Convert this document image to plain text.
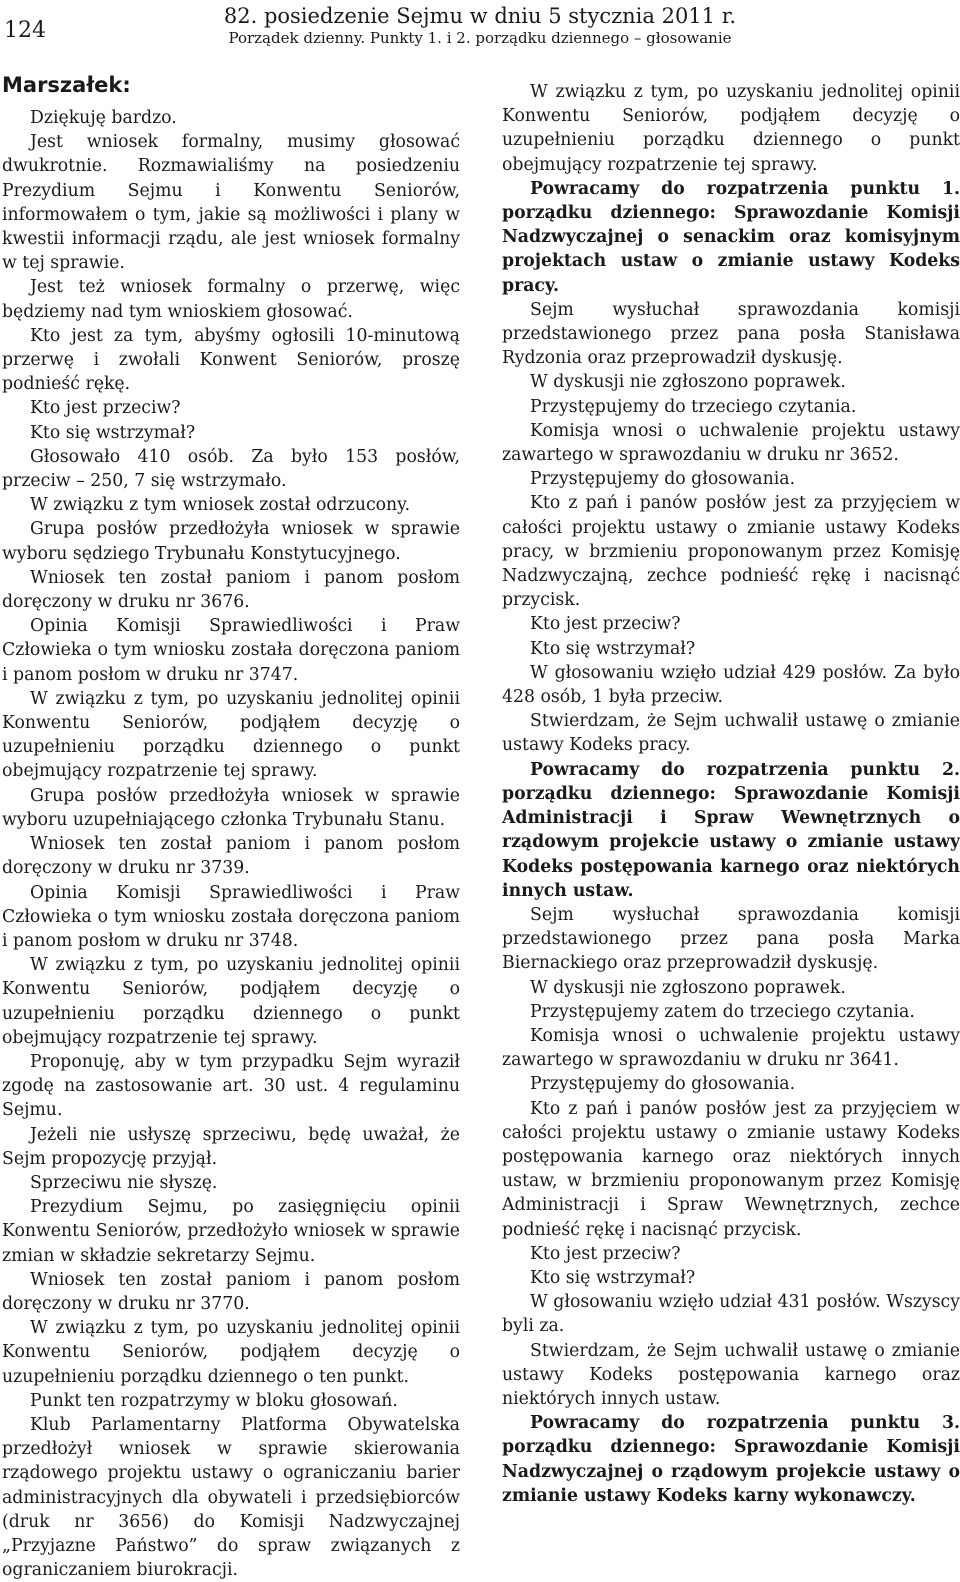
124
82. posiedzenie Sejmu w dniu 5 stycznia 2011 r.
Porządek dzienny. Punkty 1. i 2. porządku dziennego – głosowanie
Marszałek:

Dziękuję bardzo.

Jest wniosek formalny, musimy głosować dwukrotnie. Rozmawialiśmy na posiedzeniu Prezydium Sejmu i Konwentu Seniorów, informowałem o tym, jakie są możliwości i plany w kwestii informacji rządu, ale jest wniosek formalny w tej sprawie.

Jest też wniosek formalny o przerwę, więc będziemy nad tym wnioskiem głosować.

Kto jest za tym, abyśmy ogłosili 10-minutową przerwę i zwołali Konwent Seniorów, proszę podnieść rękę.

Kto jest przeciw?

Kto się wstrzymał?

Głosowało 410 osób. Za było 153 posłów, przeciw – 250, 7 się wstrzymało.

W związku z tym wniosek został odrzucony.

Grupa posłów przedłożyła wniosek w sprawie wyboru sędziego Trybunału Konstytucyjnego.

Wniosek ten został paniom i panom posłom doręczony w druku nr 3676.

Opinia Komisji Sprawiedliwości i Praw Człowieka o tym wniosku została doręczona paniom i panom posłom w druku nr 3747.

W związku z tym, po uzyskaniu jednolitej opinii Konwentu Seniorów, podjąłem decyzję o uzupełnieniu porządku dziennego o punkt obejmujący rozpatrzenie tej sprawy.

Grupa posłów przedłożyła wniosek w sprawie wyboru uzupełniającego członka Trybunału Stanu.

Wniosek ten został paniom i panom posłom doręczony w druku nr 3739.

Opinia Komisji Sprawiedliwości i Praw Człowieka o tym wniosku została doręczona paniom i panom posłom w druku nr 3748.

W związku z tym, po uzyskaniu jednolitej opinii Konwentu Seniorów, podjąłem decyzję o uzupełnieniu porządku dziennego o punkt obejmujący rozpatrzenie tej sprawy.

Proponuję, aby w tym przypadku Sejm wyraził zgodę na zastosowanie art. 30 ust. 4 regulaminu Sejmu.

Jeżeli nie usłyszę sprzeciwu, będę uważał, że Sejm propozycję przyjął.

Sprzeciwu nie słyszę.

Prezydium Sejmu, po zasięgnięciu opinii Konwentu Seniorów, przedłożyło wniosek w sprawie zmian w składzie sekretarzy Sejmu.

Wniosek ten został paniom i panom posłom doręczony w druku nr 3770.

W związku z tym, po uzyskaniu jednolitej opinii Konwentu Seniorów, podjąłem decyzję o uzupełnieniu porządku dziennego o ten punkt.

Punkt ten rozpatrzymy w bloku głosowań.

Klub Parlamentarny Platforma Obywatelska przedłożył wniosek w sprawie skierowania rządowego projektu ustawy o ograniczaniu barier administracyjnych dla obywateli i przedsiębiorców (druk nr 3656) do Komisji Nadzwyczajnej „Przyjazne Państwo” do spraw związanych z ograniczaniem biurokracji.

W związku z tym, po uzyskaniu jednolitej opinii Konwentu Seniorów, podjąłem decyzję o uzupełnieniu porządku dziennego o punkt obejmujący rozpatrzenie tej sprawy.

Powracamy do rozpatrzenia punktu 1. porządku dziennego: Sprawozdanie Komisji Nadzwyczajnej o senackim oraz komisyjnym projektach ustaw o zmianie ustawy Kodeks pracy.

Sejm wysłuchał sprawozdania komisji przedstawionego przez pana posła Stanisława Rydzonia oraz przeprowadził dyskusję.

W dyskusji nie zgłoszono poprawek.

Przystępujemy do trzeciego czytania.

Komisja wnosi o uchwalenie projektu ustawy zawartego w sprawozdaniu w druku nr 3652.

Przystępujemy do głosowania.

Kto z pań i panów posłów jest za przyjęciem w całości projektu ustawy o zmianie ustawy Kodeks pracy, w brzmieniu proponowanym przez Komisję Nadzwyczajną, zechce podnieść rękę i nacisnąć przycisk.

Kto jest przeciw?

Kto się wstrzymał?

W głosowaniu wzięło udział 429 posłów. Za było 428 osób, 1 była przeciw.

Stwierdzam, że Sejm uchwalił ustawę o zmianie ustawy Kodeks pracy.

Powracamy do rozpatrzenia punktu 2. porządku dziennego: Sprawozdanie Komisji Administracji i Spraw Wewnętrznych o rządowym projekcie ustawy o zmianie ustawy Kodeks postępowania karnego oraz niektórych innych ustaw.

Sejm wysłuchał sprawozdania komisji przedstawionego przez pana posła Marka Biernackiego oraz przeprowadził dyskusję.

W dyskusji nie zgłoszono poprawek.

Przystępujemy zatem do trzeciego czytania.

Komisja wnosi o uchwalenie projektu ustawy zawartego w sprawozdaniu w druku nr 3641.

Przystępujemy do głosowania.

Kto z pań i panów posłów jest za przyjęciem w całości projektu ustawy o zmianie ustawy Kodeks postępowania karnego oraz niektórych innych ustaw, w brzmieniu proponowanym przez Komisję Administracji i Spraw Wewnętrznych, zechce podnieść rękę i nacisnąć przycisk.

Kto jest przeciw?

Kto się wstrzymał?

W głosowaniu wzięło udział 431 posłów. Wszyscy byli za.

Stwierdzam, że Sejm uchwalił ustawę o zmianie ustawy Kodeks postępowania karnego oraz niektórych innych ustaw.

Powracamy do rozpatrzenia punktu 3. porządku dziennego: Sprawozdanie Komisji Nadzwyczajnej o rządowym projekcie ustawy o zmianie ustawy Kodeks karny wykonawczy.
